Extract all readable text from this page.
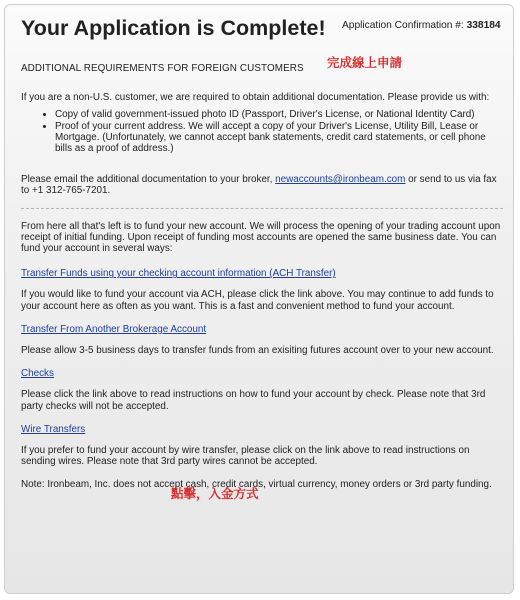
Your Application is Complete! Application Confirmation #: 338184
完成線上申請

ADDITIONAL REQUIREMENTS FOR FOREIGN CUSTOMERS

If you are a non-U.S. customer, we are required to obtain additional documentation. Please provide us with:

• Copy of valid government-issued photo ID (Passport, Driver's License, or National Identity Card)
• Proof of your current address. We will accept a copy of your Driver's License, Utility Bill, Lease or Mortgage. (Unfortunately, we cannot accept bank statements, credit card statements, or cell phone bills as a proof of address.)

Please email the additional documentation to your broker, newaccounts@ironbeam.com or send to us via fax to +1 312-765-7201.

From here all that's left is to fund your new account. We will process the opening of your trading account upon receipt of initial funding. Upon receipt of funding most accounts are opened the same business date. You can fund your account in several ways:

Transfer Funds using your checking account information (ACH Transfer)

If you would like to fund your account via ACH, please click the link above. You may continue to add funds to your account here as often as you want. This is a fast and convenient method to fund your account.

Transfer From Another Brokerage Account

Please allow 3-5 business days to transfer funds from an exisiting futures account over to your new account.

Checks

Please click the link above to read instructions on how to fund your account by check. Please note that 3rd party checks will not be accepted.

Wire Transfers

If you prefer to fund your account by wire transfer, please click on the link above to read instructions on sending wires. Please note that 3rd party wires cannot be accepted.

Note: Ironbeam, Inc. does not accept cash, credit cards, virtual currency, money orders or 3rd party funding.

點擊，入金方式
